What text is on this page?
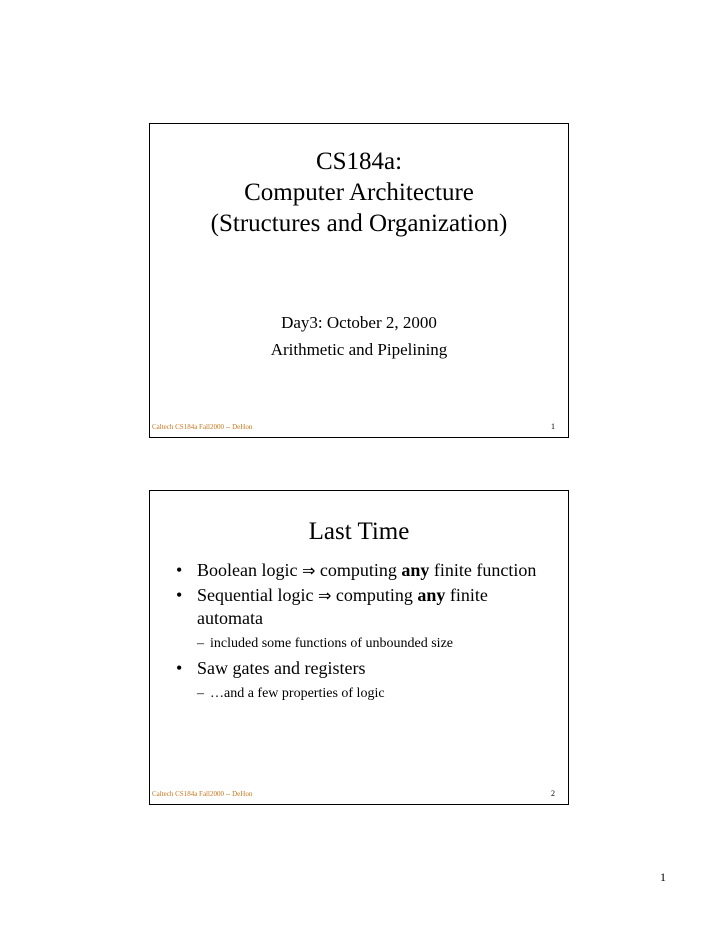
CS184a:
Computer Architecture
(Structures and Organization)
Day3: October 2, 2000
Arithmetic and Pipelining
Caltech CS184a Fall2000 -- DeHon	1
Last Time
• Boolean logic ⇒ computing any finite function
• Sequential logic ⇒ computing any finite automata
– included some functions of unbounded size
• Saw gates and registers
– …and a few properties of logic
Caltech CS184a Fall2000 -- DeHon	2
1
